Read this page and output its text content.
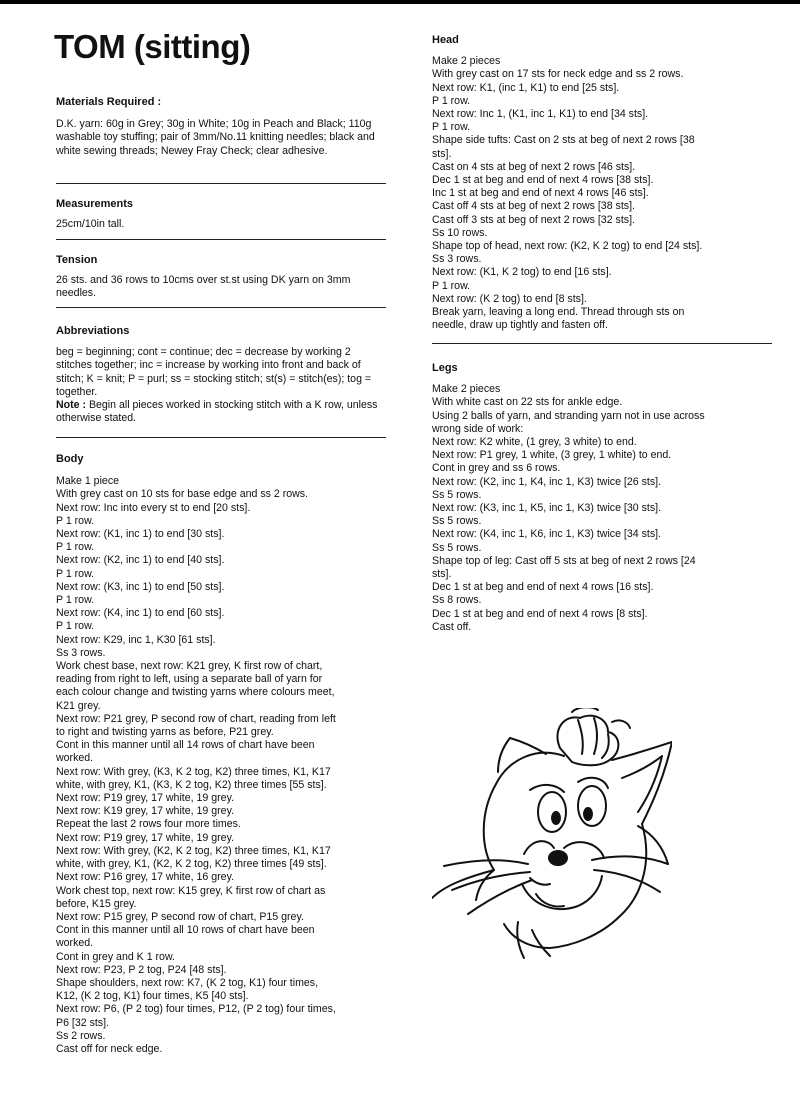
TOM (sitting)

Materials Required :

D.K. yarn: 60g in Grey; 30g in White; 10g in Peach and Black; 110g washable toy stuffing; pair of 3mm/No.11 knitting needles; black and white sewing threads; Newey Fray Check; clear adhesive.

Measurements

25cm/10in tall.

Tension

26 sts. and 36 rows to 10cms over st.st using DK yarn on 3mm needles.

Abbreviations

beg = beginning; cont = continue; dec = decrease by working 2 stitches together; inc = increase by working into front and back of stitch; K = knit; P = purl; ss = stocking stitch; st(s) = stitch(es); tog = together.

Note : Begin all pieces worked in stocking stitch with a K row, unless otherwise stated.

Body

Make 1 piece
With grey cast on 10 sts for base edge and ss 2 rows.
Next row: Inc into every st to end [20 sts].
P 1 row.
Next row: (K1, inc 1) to end [30 sts].
P 1 row.
Next row: (K2, inc 1) to end [40 sts].
P 1 row.
Next row: (K3, inc 1) to end [50 sts].
P 1 row.
Next row: (K4, inc 1) to end [60 sts].
P 1 row.
Next row: K29, inc 1, K30 [61 sts].
Ss 3 rows.
Work chest base, next row: K21 grey, K first row of chart,
reading from right to left, using a separate ball of yarn for
each colour change and twisting yarns where colours meet,
K21 grey.
Next row: P21 grey, P second row of chart, reading from left
to right and twisting yarns as before, P21 grey.
Cont in this manner until all 14 rows of chart have been
worked.
Next row: With grey, (K3, K 2 tog, K2) three times, K1, K17
white, with grey, K1, (K3, K 2 tog, K2) three times [55 sts].
Next row: P19 grey, 17 white, 19 grey.
Next row: K19 grey, 17 white, 19 grey.
Repeat the last 2 rows four more times.
Next row: P19 grey, 17 white, 19 grey.
Next row: With grey, (K2, K 2 tog, K2) three times, K1, K17
white, with grey, K1, (K2, K 2 tog, K2) three times [49 sts].
Next row: P16 grey, 17 white, 16 grey.
Work chest top, next row: K15 grey, K first row of chart as
before, K15 grey.
Next row: P15 grey, P second row of chart, P15 grey.
Cont in this manner until all 10 rows of chart have been
worked.
Cont in grey and K 1 row.
Next row: P23, P 2 tog, P24 [48 sts].
Shape shoulders, next row: K7, (K 2 tog, K1) four times,
K12, (K 2 tog, K1) four times, K5 [40 sts].
Next row: P6, (P 2 tog) four times, P12, (P 2 tog) four times,
P6 [32 sts].
Ss 2 rows.
Cast off for neck edge.

Head

Make 2 pieces
With grey cast on 17 sts for neck edge and ss 2 rows.
Next row: K1, (inc 1, K1) to end [25 sts].
P 1 row.
Next row: Inc 1, (K1, inc 1, K1) to end [34 sts].
P 1 row.
Shape side tufts: Cast on 2 sts at beg of next 2 rows [38
sts].
Cast on 4 sts at beg of next 2 rows [46 sts].
Dec 1 st at beg and end of next 4 rows [38 sts].
Inc 1 st at beg and end of next 4 rows [46 sts].
Cast off 4 sts at beg of next 2 rows [38 sts].
Cast off 3 sts at beg of next 2 rows [32 sts].
Ss 10 rows.
Shape top of head, next row: (K2, K 2 tog) to end [24 sts].
Ss 3 rows.
Next row: (K1, K 2 tog) to end [16 sts].
P 1 row.
Next row: (K 2 tog) to end [8 sts].
Break yarn, leaving a long end. Thread through sts on
needle, draw up tightly and fasten off.

Legs

Make 2 pieces
With white cast on 22 sts for ankle edge.
Using 2 balls of yarn, and stranding yarn not in use across
wrong side of work:
Next row: K2 white, (1 grey, 3 white) to end.
Next row: P1 grey, 1 white, (3 grey, 1 white) to end.
Cont in grey and ss 6 rows.
Next row: (K2, inc 1, K4, inc 1, K3) twice [26 sts].
Ss 5 rows.
Next row: (K3, inc 1, K5, inc 1, K3) twice [30 sts].
Ss 5 rows.
Next row: (K4, inc 1, K6, inc 1, K3) twice [34 sts].
Ss 5 rows.
Shape top of leg: Cast off 5 sts at beg of next 2 rows [24
sts].
Dec 1 st at beg and end of next 4 rows [16 sts].
Ss 8 rows.
Dec 1 st at beg and end of next 4 rows [8 sts].
Cast off.
